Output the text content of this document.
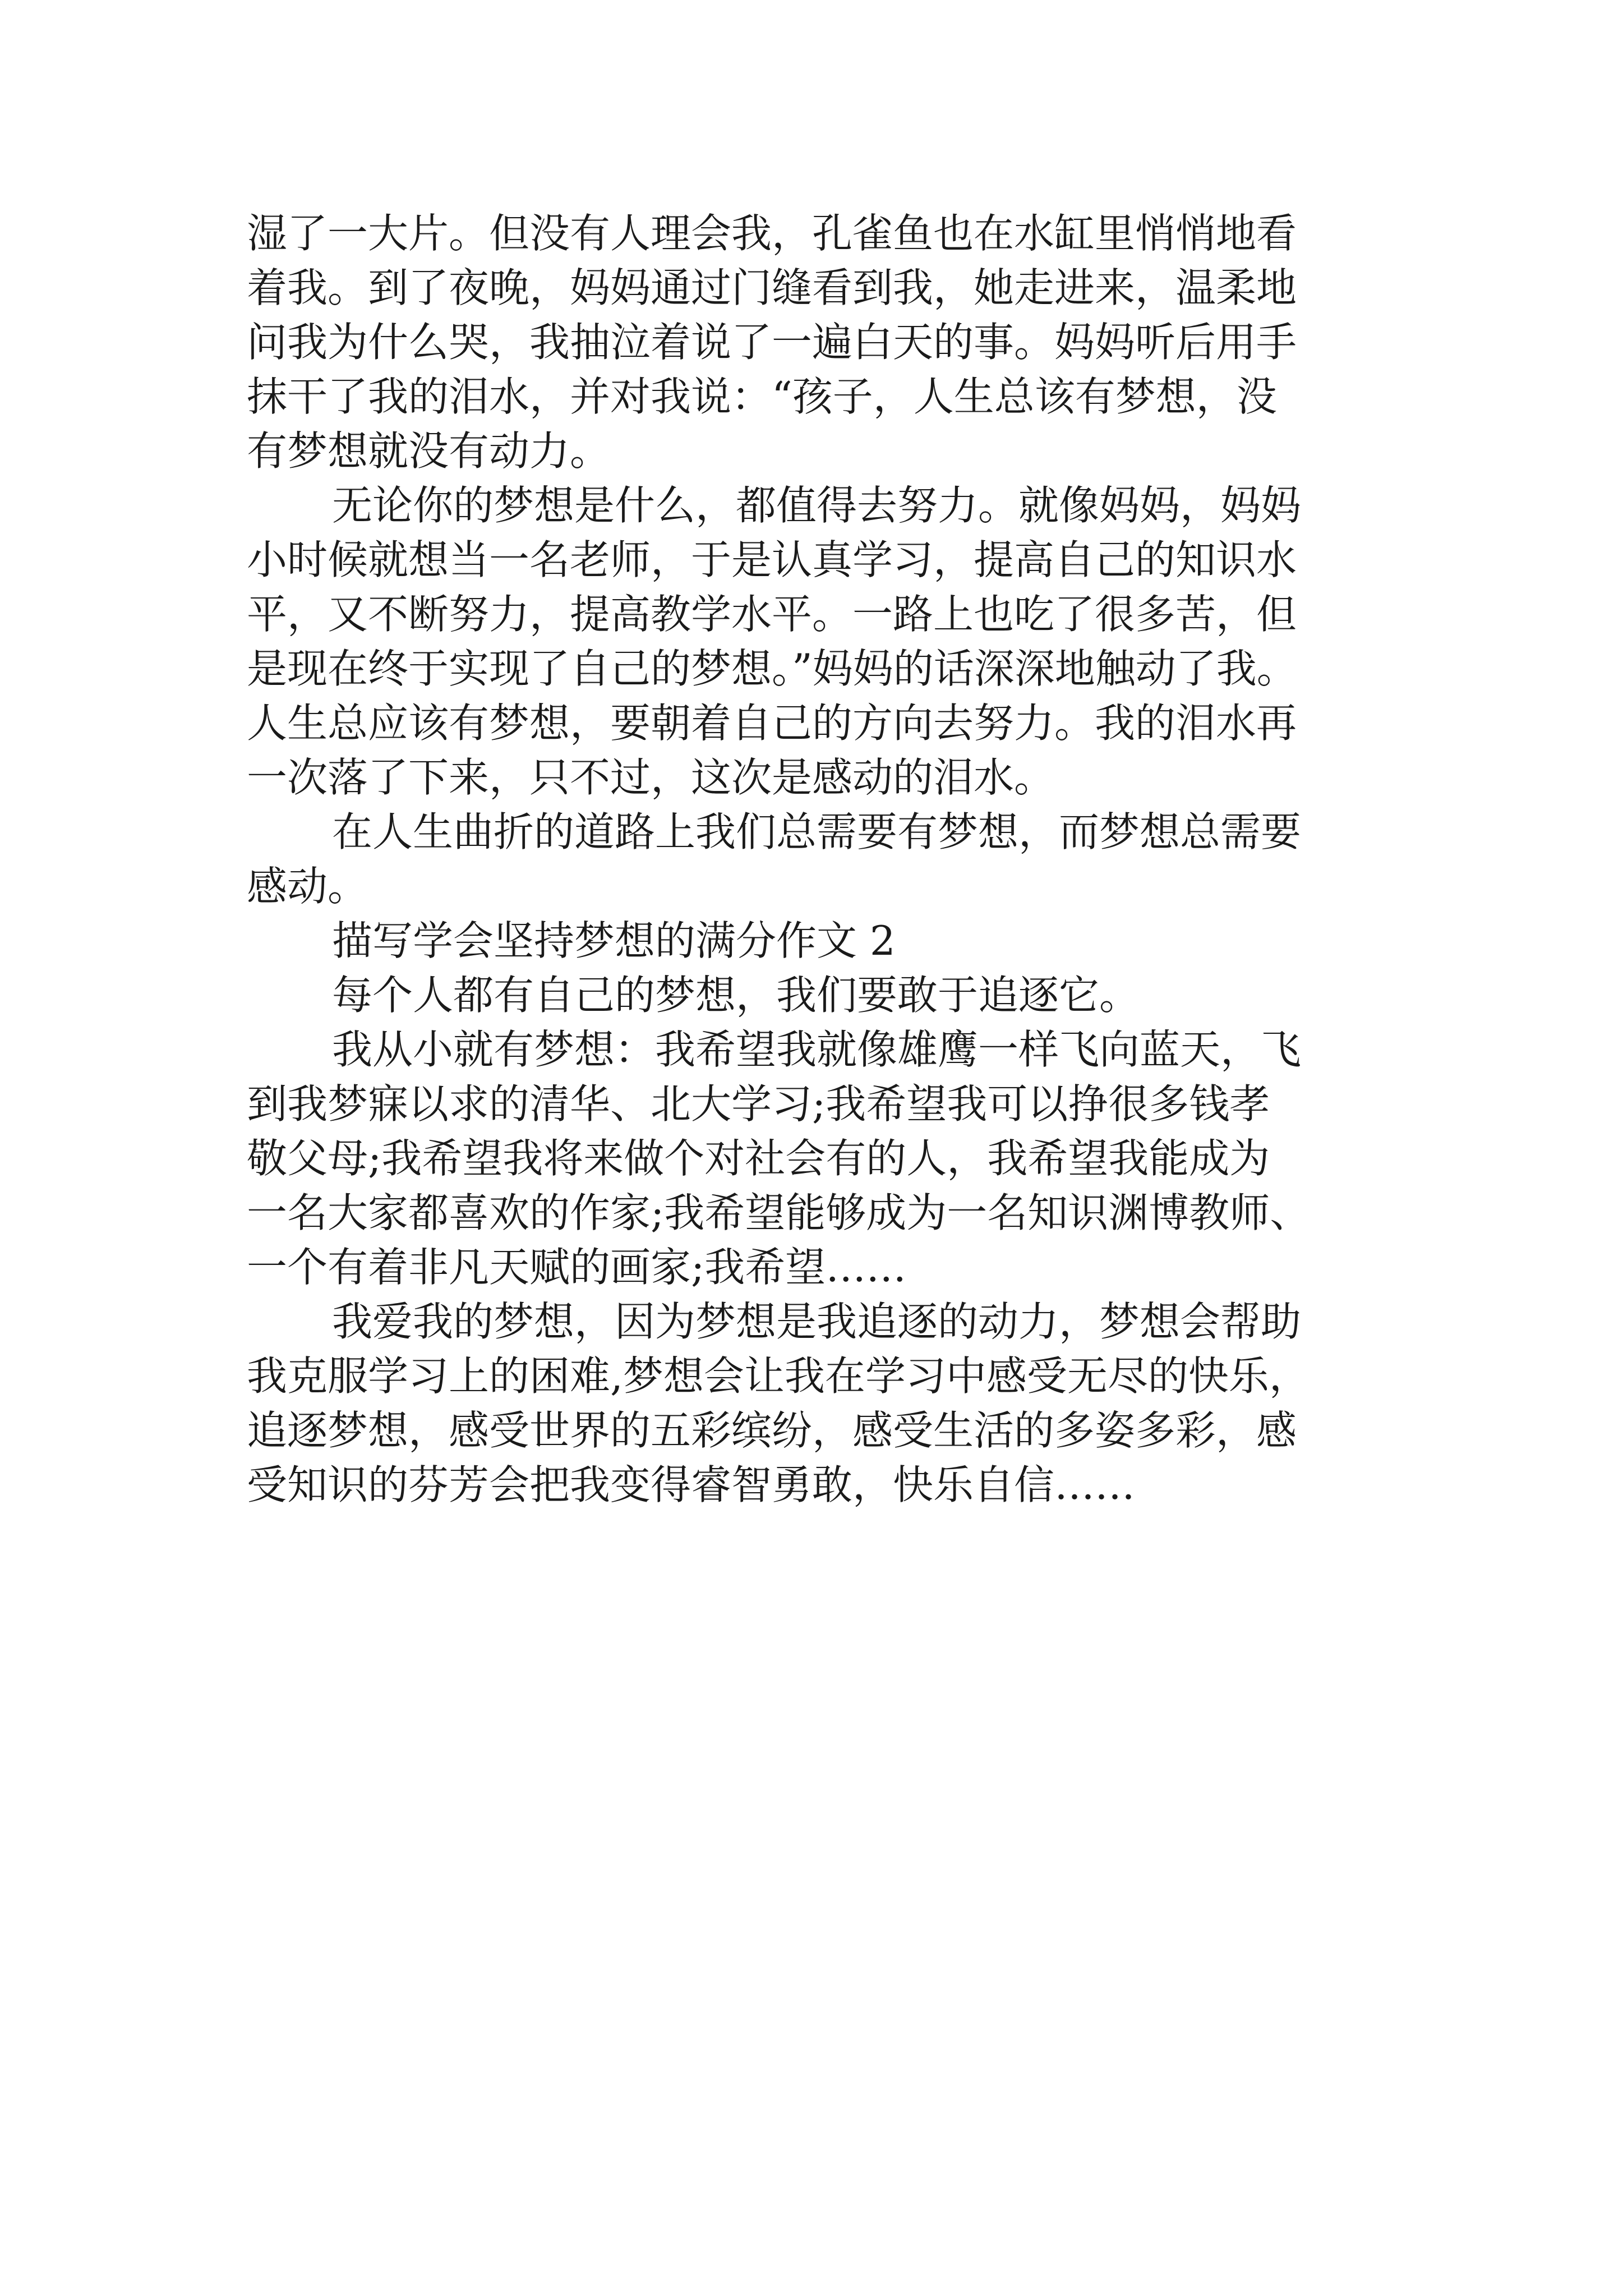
湿了一大片。但没有人理会我，孔雀鱼也在水缸里悄悄地看
着我。到了夜晚，妈妈通过门缝看到我，她走进来，温柔地
问我为什么哭，我抽泣着说了一遍白天的事。妈妈听后用手
抹干了我的泪水，并对我说：“孩子，人生总该有梦想，没
有梦想就没有动力。
无论你的梦想是什么，都值得去努力。就像妈妈，妈妈
小时候就想当一名老师，于是认真学习，提高自己的知识水
平，又不断努力，提高教学水平。一路上也吃了很多苦，但
是现在终于实现了自己的梦想。”妈妈的话深深地触动了我。
人生总应该有梦想，要朝着自己的方向去努力。我的泪水再
一次落了下来，只不过，这次是感动的泪水。
在人生曲折的道路上我们总需要有梦想，而梦想总需要
感动。
描写学会坚持梦想的满分作文 2
每个人都有自己的梦想，我们要敢于追逐它。
我从小就有梦想：我希望我就像雄鹰一样飞向蓝天，飞
到我梦寐以求的清华、北大学习;我希望我可以挣很多钱孝
敬父母;我希望我将来做个对社会有的人，我希望我能成为
一名大家都喜欢的作家;我希望能够成为一名知识渊博教师、
一个有着非凡天赋的画家;我希望……
我爱我的梦想，因为梦想是我追逐的动力，梦想会帮助
我克服学习上的困难,梦想会让我在学习中感受无尽的快乐，
追逐梦想，感受世界的五彩缤纷，感受生活的多姿多彩，感
受知识的芬芳会把我变得睿智勇敢，快乐自信……
